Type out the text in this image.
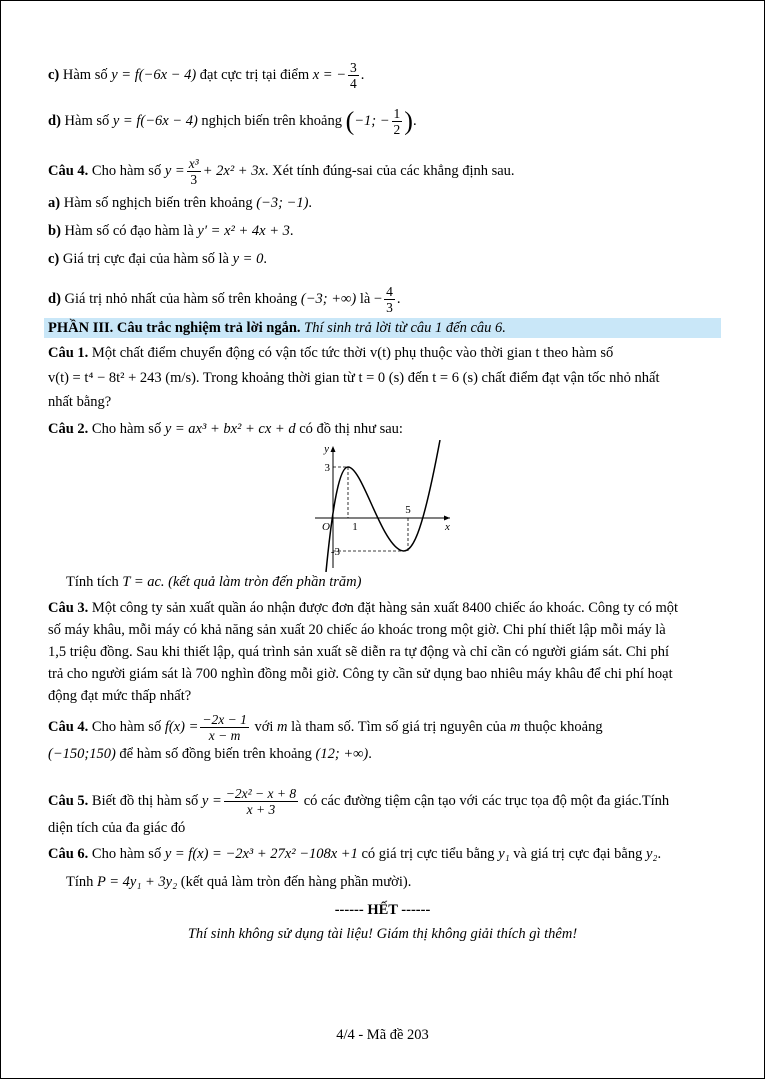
c) Hàm số y = f(−6x − 4) đạt cực trị tại điểm x = − $\frac{3}{4}$ .
d) Hàm số y = f(−6x − 4) nghịch biến trên khoảng (−1; − $\frac{1}{2}$ ).
Câu 4. Cho hàm số $y = \frac{\text{x³}}{3} + 2x^2 + 3x$. Xét tính đúng-sai của các khẳng định sau.
a) Hàm số nghịch biến trên khoảng (−3; −1).
b) Hàm số có đạo hàm là y′ = x² + 4x + 3.
c) Giá trị cực đại của hàm số là y = 0.
d) Giá trị nhỏ nhất của hàm số trên khoảng (−3; +∞) là − $\frac{4}{3}$ .
PHẦN III. Câu trắc nghiệm trả lời ngắn. Thí sinh trả lời từ câu 1 đến câu 6.
Câu 1. Một chất điểm chuyển động có vận tốc tức thời v(t) phụ thuộc vào thời gian t theo hàm số
v(t) = t⁴ − 8t² + 243 (m/s). Trong khoảng thời gian từ t = 0 (s) đến t = 6 (s) chất điểm đạt vận tốc nhỏ nhất
nhất bằng?
Câu 2. Cho hàm số y = ax³ + bx² + cx + d có đồ thị như sau:
y
x
O 1
5
3
-3
Tính tích T = ac. (kết quả làm tròn đến phần trăm)
Câu 3. Một công ty sản xuất quần áo nhận được đơn đặt hàng sản xuất 8400 chiếc áo khoác. Công ty có một
số máy khâu, mỗi máy có khả năng sản xuất 20 chiếc áo khoác trong một giờ. Chi phí thiết lập mỗi máy là
1,5 triệu đồng. Sau khi thiết lập, quá trình sản xuất sẽ diễn ra tự động và chỉ cần có người giám sát. Chi phí
trả cho người giám sát là 700 nghìn đồng mỗi giờ. Công ty cần sử dụng bao nhiêu máy khâu để chi phí hoạt
động đạt mức thấp nhất?
Câu 4. Cho hàm số $f(x) = \frac{-2x - 1}{x - m}$ với m là tham số. Tìm số giá trị nguyên của m thuộc khoảng
(−150;150) để hàm số đồng biến trên khoảng (12; +∞).
Câu 5. Biết đồ thị hàm số $y = \frac{\text{−2x² − x + 8}}{x + 3}$ có các đường tiệm cận tạo với các trục tọa độ một đa giác.Tính
diện tích của đa giác đó
Câu 6. Cho hàm số y = f(x) = −2x³ + 27x² −108x +1 có giá trị cực tiểu bằng y₁ và giá trị cực đại bằng y₂.
Tính P = 4y₁ + 3y₂ (kết quả làm tròn đến hàng phần mười).
------ HẾT ------
Thí sinh không sử dụng tài liệu! Giám thị không giải thích gì thêm!
4/4 - Mã đề 203
